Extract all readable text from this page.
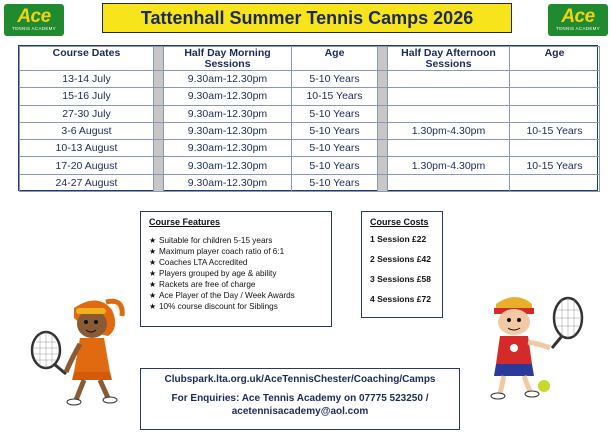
Ace
TENNIS ACADEMY
Ace
TENNIS ACADEMY
Tattenhall Summer Tennis Camps 2026
Course Dates		Half Day Morning Sessions	Age		Half Day Afternoon Sessions	Age
13-14 July		9.30am-12.30pm	5-10 Years			
15-16 July		9.30am-12.30pm	10-15 Years			
27-30 July		9.30am-12.30pm	5-10 Years			
3-6 August		9.30am-12.30pm	5-10 Years		1.30pm-4.30pm	10-15 Years
10-13 August		9.30am-12.30pm	5-10 Years			
17-20 August		9.30am-12.30pm	5-10 Years		1.30pm-4.30pm	10-15 Years
24-27 August		9.30am-12.30pm	5-10 Years			
Course Features
★ Suitable for children 5-15 years
★ Maximum player coach ratio of 6:1
★ Coaches LTA Accredited
★ Players grouped by age & ability
★ Rackets are free of charge
★ Ace Player of the Day / Week Awards
★ 10% course discount for Siblings
Course Costs
1 Session £22
2 Sessions £42
3 Sessions £58
4 Sessions £72
Clubspark.lta.org.uk/AceTennisChester/Coaching/Camps
For Enquiries: Ace Tennis Academy on 07775 523250 /
acetennisacademy@aol.com
